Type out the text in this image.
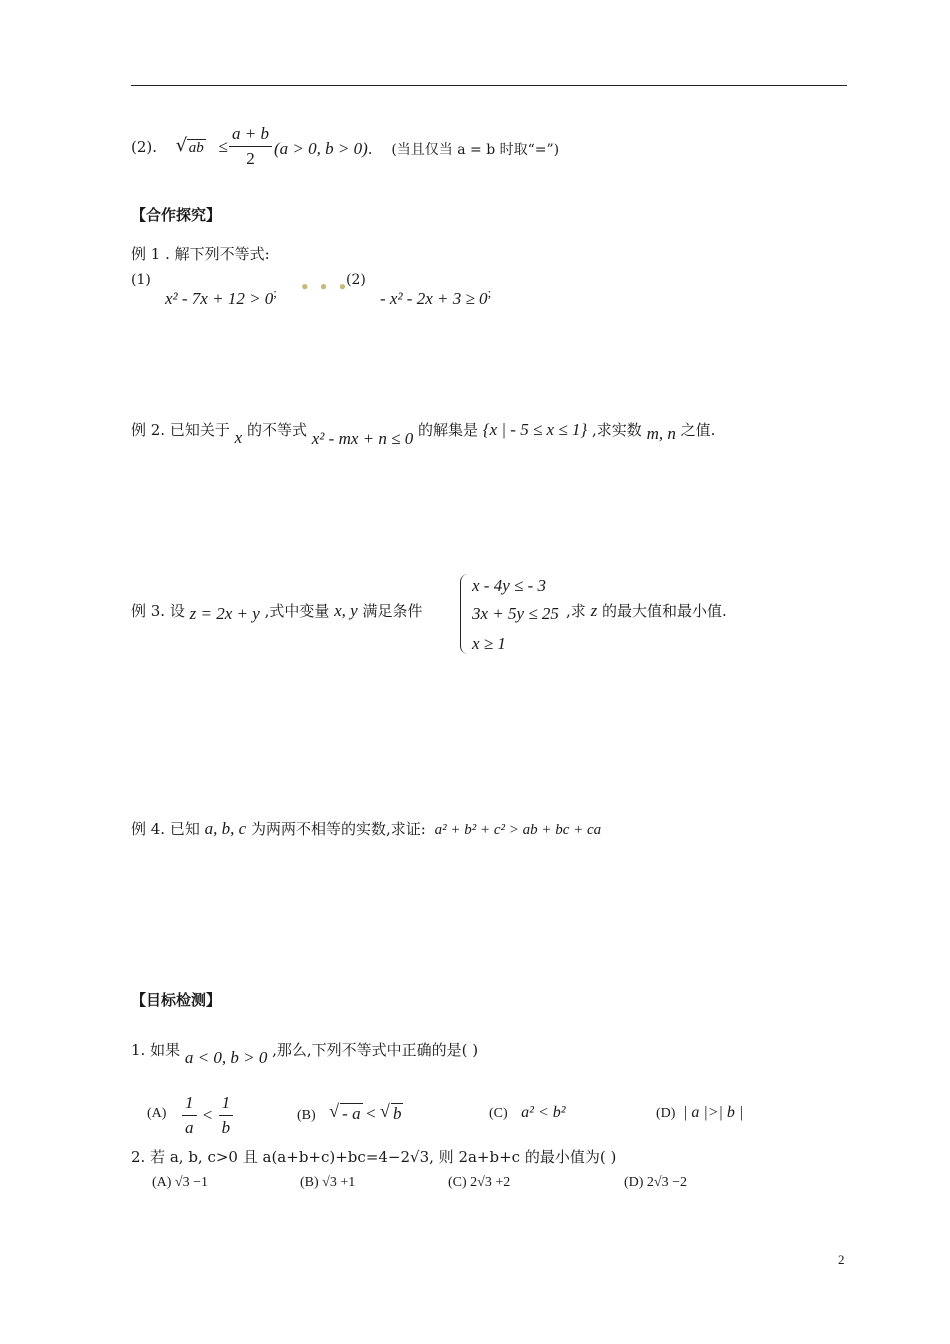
(2). √ ab ≤ $\frac{a + b}{2} (a > 0$, b > 0). (当且仅当 a = b 时取“=”)
【合作探究】
例 1 . 解下列不等式:
(1)
x² - 7x + 12 > 0; • • •
(2)
- x² - 2x + 3 ≥ 0;
例 2. 已知关于 x 的不等式 x² - mx + n ≤ 0 的解集是 {x | - 5 ≤ x ≤ 1} ,求实数 m, n 之值.
例 3. 设 z = 2x + y ,式中变量 x, y 满足条件
x - 4y ≤ - 3
3x + 5y ≤ 25
x ≥ 1
,求 z 的最大值和最小值.
例 4. 已知 a, b, c 为两两不相等的实数,求证: a² + b² + c² > ab + bc + ca
【目标检测】
1. 如果 a < 0, b > 0 ,那么,下列不等式中正确的是( )
$(A) \frac{1}{a} < \frac{1}{b}$	(B) √ - a < √ b	(C) a² < b²	(D) | a |>| b |
2. 若 a, b, c>0 且 a(a+b+c)+bc=4−2√3, 则 2a+b+c 的最小值为( )
(A) √3 −1	(B) √3 +1	(C) 2√3 +2	(D) 2√3 −2
2
